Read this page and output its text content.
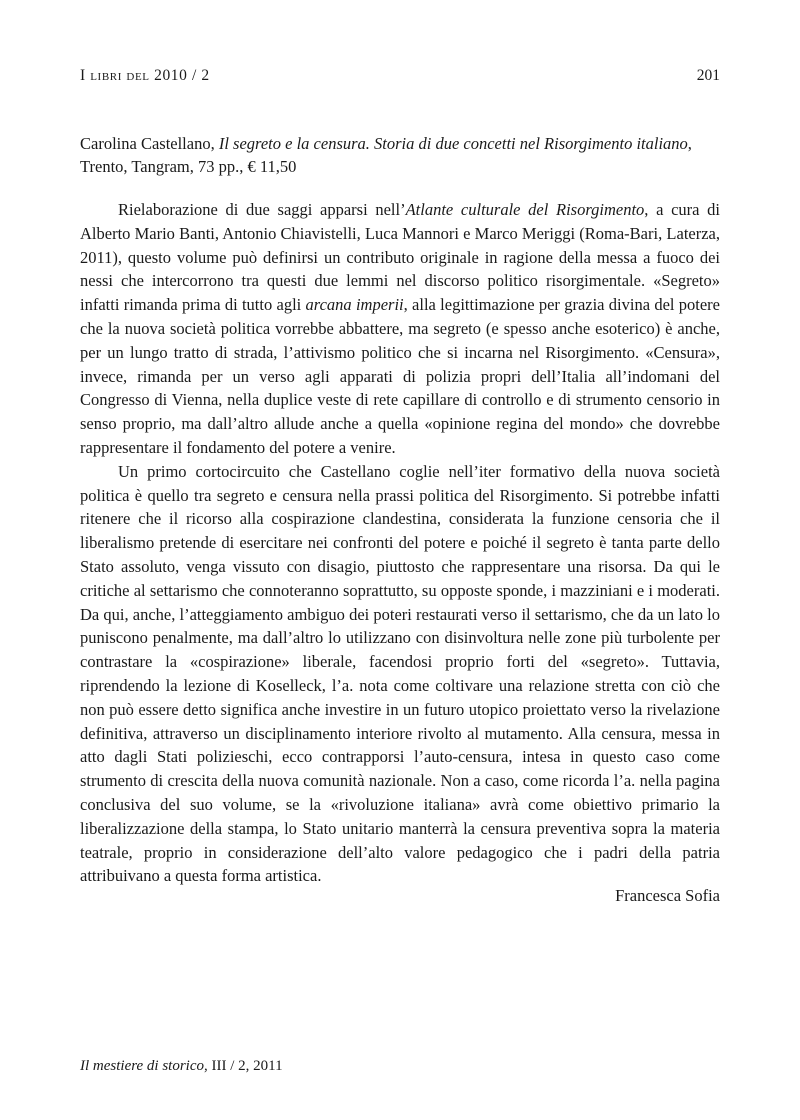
I libri del 2010 / 2	201
Carolina Castellano, Il segreto e la censura. Storia di due concetti nel Risorgimento italiano, Trento, Tangram, 73 pp., € 11,50

Rielaborazione di due saggi apparsi nell’Atlante culturale del Risorgimento, a cura di Alberto Mario Banti, Antonio Chiavistelli, Luca Mannori e Marco Meriggi (Roma-Bari, Laterza, 2011), questo volume può definirsi un contributo originale in ragione della messa a fuoco dei nessi che intercorrono tra questi due lemmi nel discorso politico risorgimentale. «Segreto» infatti rimanda prima di tutto agli arcana imperii, alla legittimazione per grazia divina del potere che la nuova società politica vorrebbe abbattere, ma segreto (e spesso anche esoterico) è anche, per un lungo tratto di strada, l’attivismo politico che si incarna nel Risorgimento. «Censura», invece, rimanda per un verso agli apparati di polizia propri dell’Italia all’indomani del Congresso di Vienna, nella duplice veste di rete capillare di controllo e di strumento censorio in senso proprio, ma dall’altro allude anche a quella «opinione regina del mondo» che dovrebbe rappresentare il fondamento del potere a venire.

Un primo cortocircuito che Castellano coglie nell’iter formativo della nuova società politica è quello tra segreto e censura nella prassi politica del Risorgimento. Si potrebbe infatti ritenere che il ricorso alla cospirazione clandestina, considerata la funzione censoria che il liberalismo pretende di esercitare nei confronti del potere e poiché il segreto è tanta parte dello Stato assoluto, venga vissuto con disagio, piuttosto che rappresentare una risorsa. Da qui le critiche al settarismo che connoteranno soprattutto, su opposte sponde, i mazziniani e i moderati. Da qui, anche, l’atteggiamento ambiguo dei poteri restaurati verso il settarismo, che da un lato lo puniscono penalmente, ma dall’altro lo utilizzano con disinvoltura nelle zone più turbolente per contrastare la «cospirazione» liberale, facendosi proprio forti del «segreto». Tuttavia, riprendendo la lezione di Koselleck, l’a. nota come coltivare una relazione stretta con ciò che non può essere detto significa anche investire in un futuro utopico proiettato verso la rivelazione definitiva, attraverso un disciplinamento interiore rivolto al mutamento. Alla censura, messa in atto dagli Stati polizieschi, ecco contrapporsi l’auto-censura, intesa in questo caso come strumento di crescita della nuova comunità nazionale. Non a caso, come ricorda l’a. nella pagina conclusiva del suo volume, se la «rivoluzione italiana» avrà come obiettivo primario la liberalizzazione della stampa, lo Stato unitario manterrà la censura preventiva sopra la materia teatrale, proprio in considerazione dell’alto valore pedagogico che i padri della patria attribuivano a questa forma artistica.

Francesca Sofia
Il mestiere di storico, III / 2, 2011
